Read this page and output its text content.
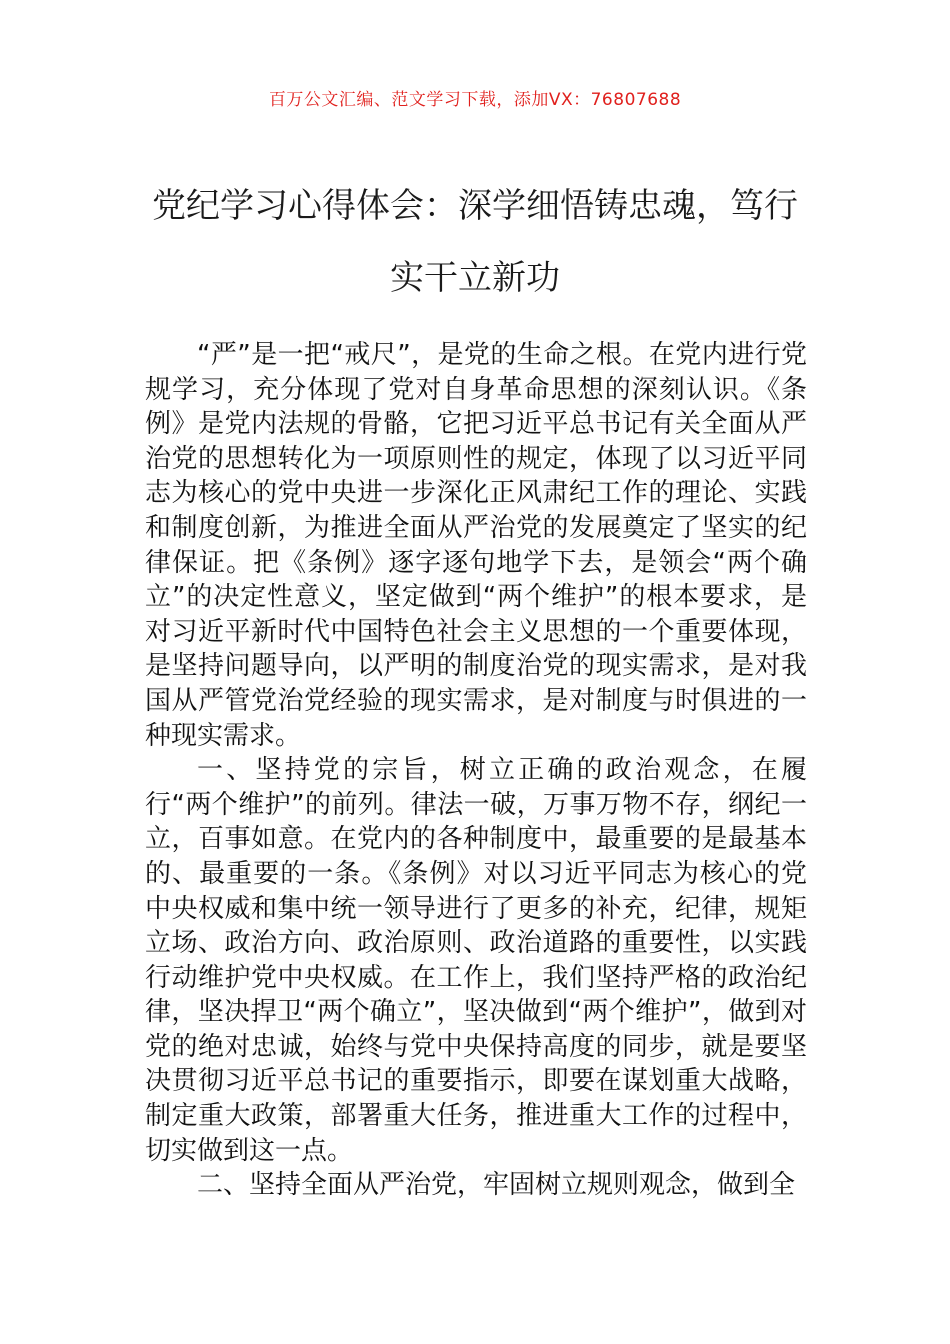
百万公文汇编、范文学习下载，添加VX：76807688
党纪学习心得体会：深学细悟铸忠魂，笃行实干立新功

“严”是一把“戒尺”，是党的生命之根。在党内进行党规学习，充分体现了党对自身革命思想的深刻认识。《条例》是党内法规的骨骼，它把习近平总书记有关全面从严治党的思想转化为一项原则性的规定，体现了以习近平同志为核心的党中央进一步深化正风肃纪工作的理论、实践和制度创新，为推进全面从严治党的发展奠定了坚实的纪律保证。把《条例》逐字逐句地学下去，是领会“两个确立”的决定性意义，坚定做到“两个维护”的根本要求，是对习近平新时代中国特色社会主义思想的一个重要体现，是坚持问题导向，以严明的制度治党的现实需求，是对我国从严管党治党经验的现实需求，是对制度与时俱进的一种现实需求。

一、坚持党的宗旨，树立正确的政治观念，在履行“两个维护”的前列。律法一破，万事万物不存，纲纪一立，百事如意。在党内的各种制度中，最重要的是最基本的、最重要的一条。《条例》对以习近平同志为核心的党中央权威和集中统一领导进行了更多的补充，纪律，规矩立场、政治方向、政治原则、政治道路的重要性，以实践行动维护党中央权威。在工作上，我们坚持严格的政治纪律，坚决捍卫“两个确立”，坚决做到“两个维护”，做到对党的绝对忠诚，始终与党中央保持高度的同步，就是要坚决贯彻习近平总书记的重要指示，即要在谋划重大战略，制定重大政策，部署重大任务，推进重大工作的过程中，切实做到这一点。

二、坚持全面从严治党，牢固树立规则观念，做到全
